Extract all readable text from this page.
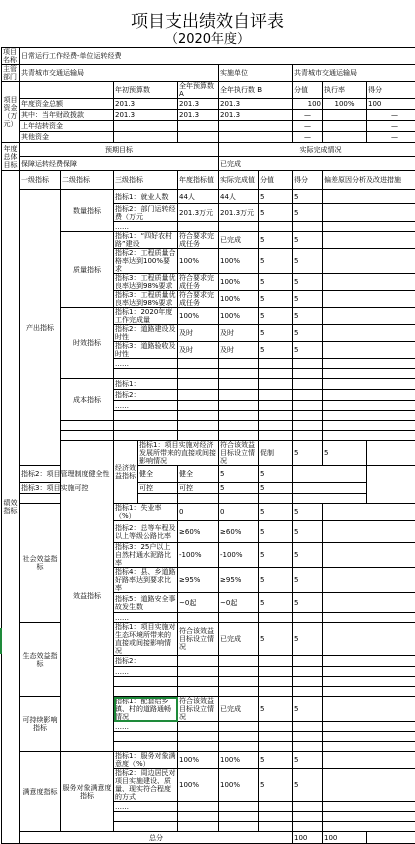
项目支出绩效自评表
（2020年度）
项目名称	日常运行工作经费-单位运转经费									
主管部门	共青城市交通运输局					实施单位		共青城市交通运输局		
项目资金（万元）			年初预算数		全年预算数 A	全年执行数 B		分值	执行率	得分
	年度资金总额		201.3		201.3	201.3		100	100%	100
	其中：当年财政拨款		201.3		201.3	201.3		—		—
	上年结转资金							—		—
	其他资金							—		—
年度总体目标	预期目标					实际完成情况				
	保障运转经费保障					已完成				
绩效指标	一级指标	二级指标	三级指标		年度指标值	实际完成值	分值	得分	偏差原因分析及改进措施	
	产出指标	数量指标	指标1：就业人数		44人	44人	5	5		
			指标2：部门运转经费（万元		201.3万元	201.3万元	5	5		
			……							
		质量指标	指标1：“四好农村路”建设		符合要求完成任务	已完成	5	5		
			指标2：工程质量合格率达到100%要求		100%	100%	5	5		
			指标3：工程质量优良率达到98%要求		符合要求完成任务	100%	5	5		
			指标3：工程质量优良率达到98%要求		符合要求完成任务	100%	5	5		
		时效指标	指标1：2020年度工作完成量		100%	100%	5	5		
			指标2：道路建设及时性		及时	及时	5	5		
			指标3：道路验收及时性		及时	及时	5	5		
			……							

		成本指标	指标1：							
			指标2：							
			……							

		效益指标	经济效益指标	指标1：项目实施对经济发展所带来的直接或间接影响情况		符合该效益目标设立情况	促制	5	5	
	指标2：项目管理制度健全性			健全	健全	5	5			
	指标3：项目实施可控			可控	可控	5	5			

	社会效益指标		指标1：失业率（%）		0	0	5	5		
			指标2：总等车程及以上等级公路比率		≥60%	≥60%	5	5		
			指标3：25户以上自然村通水泥路比率		-100%	-100%	5	5		
			指标4：县、乡道路好路率达到要求比率		≥95%	≥95%	5	5		
			指标5：道路安全事故发生数		~0起	~0起	5	5		
			……							
	生态效益指标		指标1：项目实施对生态环境所带来的直接或间接影响情况		符合该效益目标设立情况	已完成	5	5		
			指标2：							
			……							

	可持续影响指标		指标1：配套给乡镇、村的道路通畅情况		符合该效益目标设立情况	已完成	5	5		
			……							

	满意度指标	服务对象满意度指标	指标1：服务对象满意度（%）		100%	100%	5	5		
			指标2：周边居民对项目实施建设、质量、现实符合程度的方式		100%	100%	5	5		
			……							

	总分							100	100	
